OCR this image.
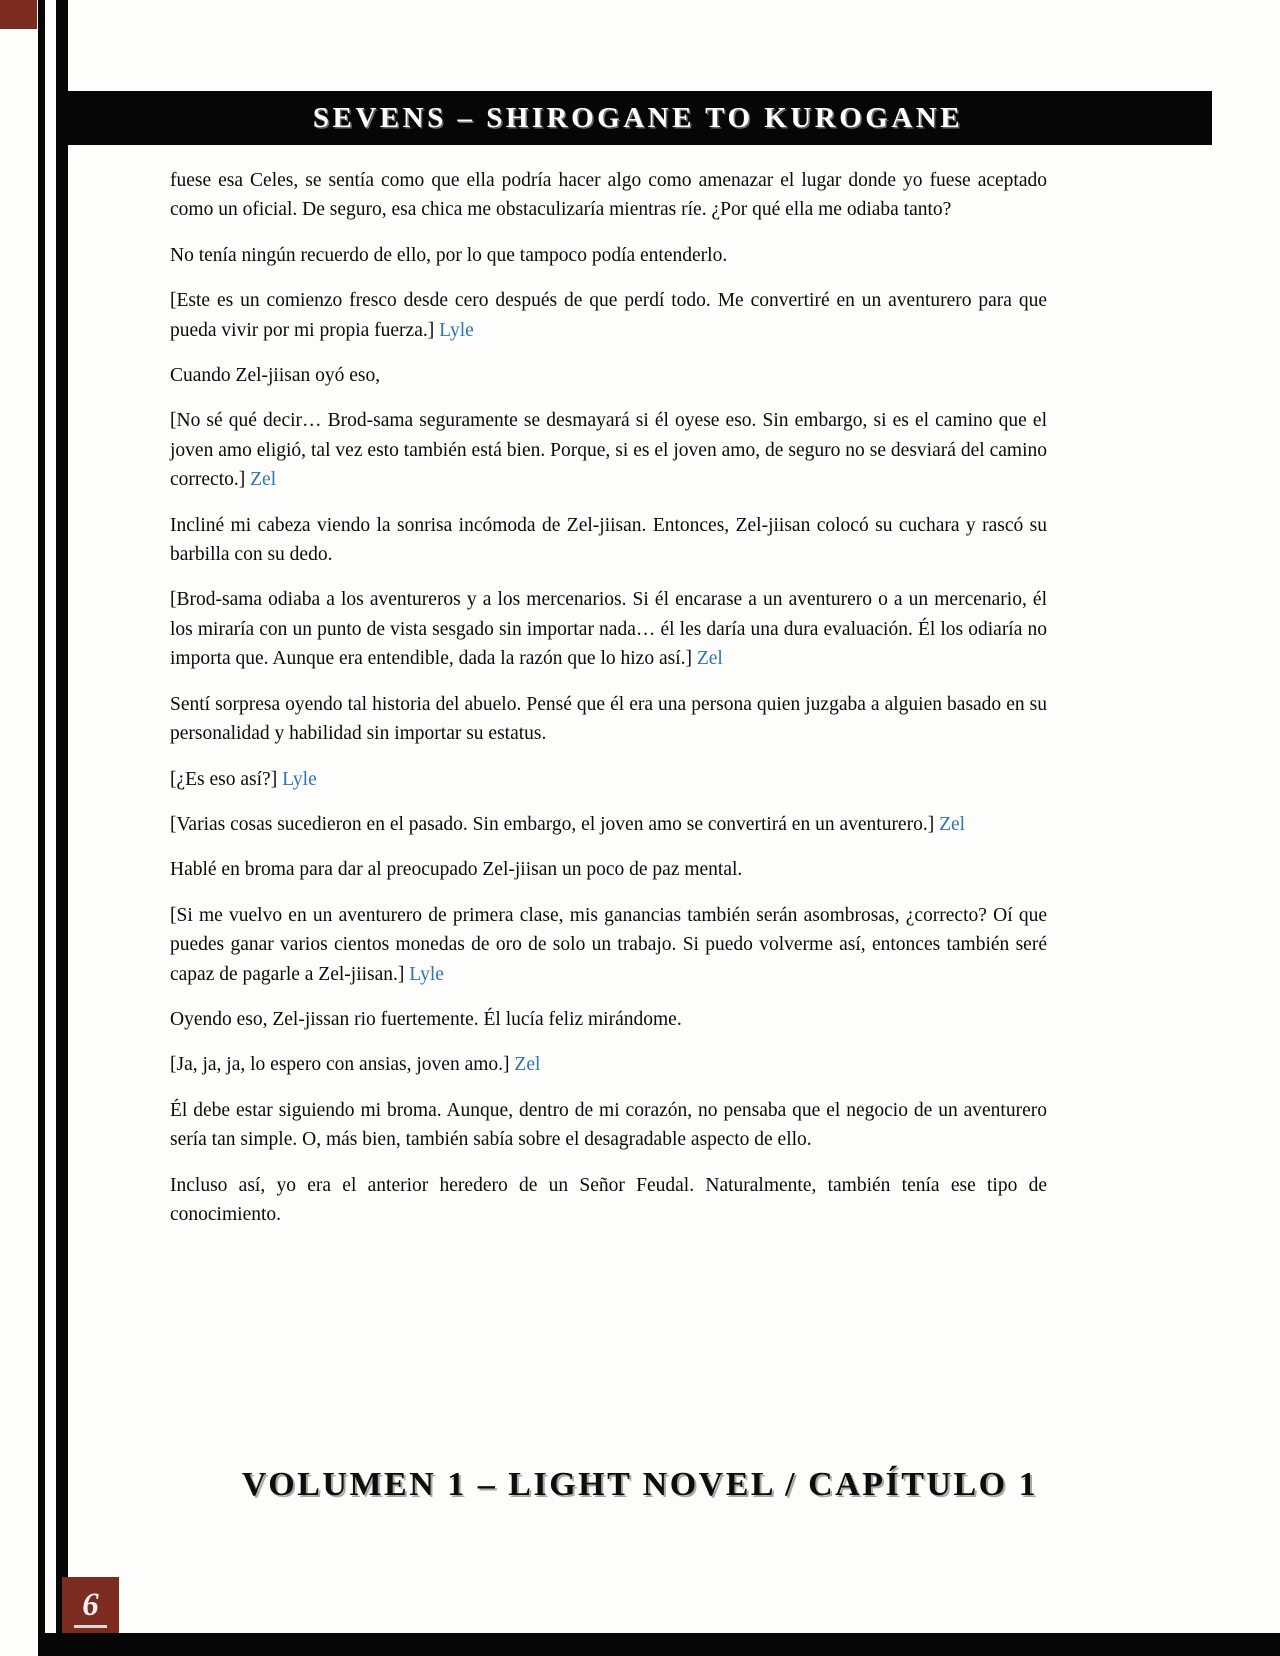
SEVENS – SHIROGANE TO KUROGANE

fuese esa Celes, se sentía como que ella podría hacer algo como amenazar el lugar donde yo fuese aceptado como un oficial. De seguro, esa chica me obstaculizaría mientras ríe. ¿Por qué ella me odiaba tanto?

No tenía ningún recuerdo de ello, por lo que tampoco podía entenderlo.

[Este es un comienzo fresco desde cero después de que perdí todo. Me convertiré en un aventurero para que pueda vivir por mi propia fuerza.] Lyle

Cuando Zel-jiisan oyó eso,

[No sé qué decir… Brod-sama seguramente se desmayará si él oyese eso. Sin embargo, si es el camino que el joven amo eligió, tal vez esto también está bien. Porque, si es el joven amo, de seguro no se desviará del camino correcto.] Zel

Incliné mi cabeza viendo la sonrisa incómoda de Zel-jiisan. Entonces, Zel-jiisan colocó su cuchara y rascó su barbilla con su dedo.

[Brod-sama odiaba a los aventureros y a los mercenarios. Si él encarase a un aventurero o a un mercenario, él los miraría con un punto de vista sesgado sin importar nada… él les daría una dura evaluación. Él los odiaría no importa que. Aunque era entendible, dada la razón que lo hizo así.] Zel

Sentí sorpresa oyendo tal historia del abuelo. Pensé que él era una persona quien juzgaba a alguien basado en su personalidad y habilidad sin importar su estatus.

[¿Es eso así?] Lyle

[Varias cosas sucedieron en el pasado. Sin embargo, el joven amo se convertirá en un aventurero.] Zel

Hablé en broma para dar al preocupado Zel-jiisan un poco de paz mental.

[Si me vuelvo en un aventurero de primera clase, mis ganancias también serán asombrosas, ¿correcto? Oí que puedes ganar varios cientos monedas de oro de solo un trabajo. Si puedo volverme así, entonces también seré capaz de pagarle a Zel-jiisan.] Lyle

Oyendo eso, Zel-jissan rio fuertemente. Él lucía feliz mirándome.

[Ja, ja, ja, lo espero con ansias, joven amo.] Zel

Él debe estar siguiendo mi broma. Aunque, dentro de mi corazón, no pensaba que el negocio de un aventurero sería tan simple. O, más bien, también sabía sobre el desagradable aspecto de ello.

Incluso así, yo era el anterior heredero de un Señor Feudal. Naturalmente, también tenía ese tipo de conocimiento.

VOLUMEN 1 – LIGHT NOVEL / CAPÍTULO 1
6
